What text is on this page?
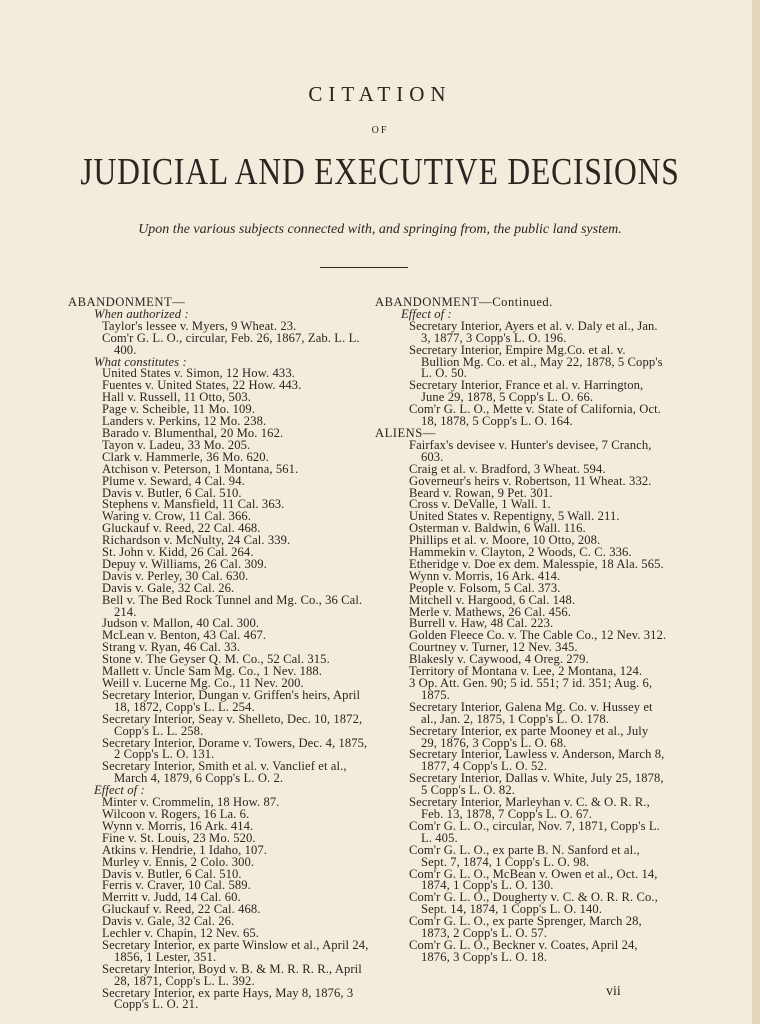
CITATION
OF
JUDICIAL AND EXECUTIVE DECISIONS
Upon the various subjects connected with, and springing from, the public land system.
ABANDONMENT—
When authorized :
Taylor's lessee v. Myers, 9 Wheat. 23.
Com'r G. L. O., circular, Feb. 26, 1867, Zab. L. L. 400.
What constitutes :
United States v. Simon, 12 How. 433.
Fuentes v. United States, 22 How. 443.
Hall v. Russell, 11 Otto, 503.
Page v. Scheible, 11 Mo. 109.
Landers v. Perkins, 12 Mo. 238.
Barado v. Blumenthal, 20 Mo. 162.
Tayon v. Ladeu, 33 Mo. 205.
Clark v. Hammerle, 36 Mo. 620.
Atchison v. Peterson, 1 Montana, 561.
Plume v. Seward, 4 Cal. 94.
Davis v. Butler, 6 Cal. 510.
Stephens v. Mansfield, 11 Cal. 363.
Waring v. Crow, 11 Cal. 366.
Gluckauf v. Reed, 22 Cal. 468.
Richardson v. McNulty, 24 Cal. 339.
St. John v. Kidd, 26 Cal. 264.
Depuy v. Williams, 26 Cal. 309.
Davis v. Perley, 30 Cal. 630.
Davis v. Gale, 32 Cal. 26.
Bell v. The Bed Rock Tunnel and Mg. Co., 36 Cal. 214.
Judson v. Mallon, 40 Cal. 300.
McLean v. Benton, 43 Cal. 467.
Strang v. Ryan, 46 Cal. 33.
Stone v. The Geyser Q. M. Co., 52 Cal. 315.
Mallett v. Uncle Sam Mg. Co., 1 Nev. 188.
Weill v. Lucerne Mg. Co., 11 Nev. 200.
Secretary Interior, Dungan v. Griffen's heirs, April 18, 1872, Copp's L. L. 254.
Secretary Interior, Seay v. Shelleto, Dec. 10, 1872, Copp's L. L. 258.
Secretary Interior, Dorame v. Towers, Dec. 4, 1875, 2 Copp's L. O. 131.
Secretary Interior, Smith et al. v. Vanclief et al., March 4, 1879, 6 Copp's L. O. 2.
Effect of :
Minter v. Crommelin, 18 How. 87.
Wilcoon v. Rogers, 16 La. 6.
Wynn v. Morris, 16 Ark. 414.
Fine v. St. Louis, 23 Mo. 520.
Atkins v. Hendrie, 1 Idaho, 107.
Murley v. Ennis, 2 Colo. 300.
Davis v. Butler, 6 Cal. 510.
Ferris v. Craver, 10 Cal. 589.
Merritt v. Judd, 14 Cal. 60.
Gluckauf v. Reed, 22 Cal. 468.
Davis v. Gale, 32 Cal. 26.
Lechler v. Chapin, 12 Nev. 65.
Secretary Interior, ex parte Winslow et al., April 24, 1856, 1 Lester, 351.
Secretary Interior, Boyd v. B. & M. R. R. R., April 28, 1871, Copp's L. L. 392.
Secretary Interior, ex parte Hays, May 8, 1876, 3 Copp's L. O. 21.
ABANDONMENT—Continued.
Effect of :
Secretary Interior, Ayers et al. v. Daly et al., Jan. 3, 1877, 3 Copp's L. O. 196.
Secretary Interior, Empire Mg.Co. et al. v. Bullion Mg. Co. et al., May 22, 1878, 5 Copp's L. O. 50.
Secretary Interior, France et al. v. Harrington, June 29, 1878, 5 Copp's L. O. 66.
Com'r G. L. O., Mette v. State of California, Oct. 18, 1878, 5 Copp's L. O. 164.
ALIENS—
Fairfax's devisee v. Hunter's devisee, 7 Cranch, 603.
Craig et al. v. Bradford, 3 Wheat. 594.
Governeur's heirs v. Robertson, 11 Wheat. 332.
Beard v. Rowan, 9 Pet. 301.
Cross v. DeValle, 1 Wall. 1.
United States v. Repentigny, 5 Wall. 211.
Osterman v. Baldwin, 6 Wall. 116.
Phillips et al. v. Moore, 10 Otto, 208.
Hammekin v. Clayton, 2 Woods, C. C. 336.
Etheridge v. Doe ex dem. Malesspie, 18 Ala. 565.
Wynn v. Morris, 16 Ark. 414.
People v. Folsom, 5 Cal. 373.
Mitchell v. Hargood, 6 Cal. 148.
Merle v. Mathews, 26 Cal. 456.
Burrell v. Haw, 48 Cal. 223.
Golden Fleece Co. v. The Cable Co., 12 Nev. 312.
Courtney v. Turner, 12 Nev. 345.
Blakesly v. Caywood, 4 Oreg. 279.
Territory of Montana v. Lee, 2 Montana, 124.
3 Op. Att. Gen. 90; 5 id. 551; 7 id. 351; Aug. 6, 1875.
Secretary Interior, Galena Mg. Co. v. Hussey et al., Jan. 2, 1875, 1 Copp's L. O. 178.
Secretary Interior, ex parte Mooney et al., July 29, 1876, 3 Copp's L. O. 68.
Secretary Interior, Lawless v. Anderson, March 8, 1877, 4 Copp's L. O. 52.
Secretary Interior, Dallas v. White, July 25, 1878, 5 Copp's L. O. 82.
Secretary Interior, Marleyhan v. C. & O. R. R., Feb. 13, 1878, 7 Copp's L. O. 67.
Com'r G. L. O., circular, Nov. 7, 1871, Copp's L. L. 405.
Com'r G. L. O., ex parte B. N. Sanford et al., Sept. 7, 1874, 1 Copp's L. O. 98.
Com'r G. L. O., McBean v. Owen et al., Oct. 14, 1874, 1 Copp's L. O. 130.
Com'r G. L. O., Dougherty v. C. & O. R. R. Co., Sept. 14, 1874, 1 Copp's L. O. 140.
Com'r G. L. O., ex parte Sprenger, March 28, 1873, 2 Copp's L. O. 57.
Com'r G. L. O., Beckner v. Coates, April 24, 1876, 3 Copp's L. O. 18.
vii
